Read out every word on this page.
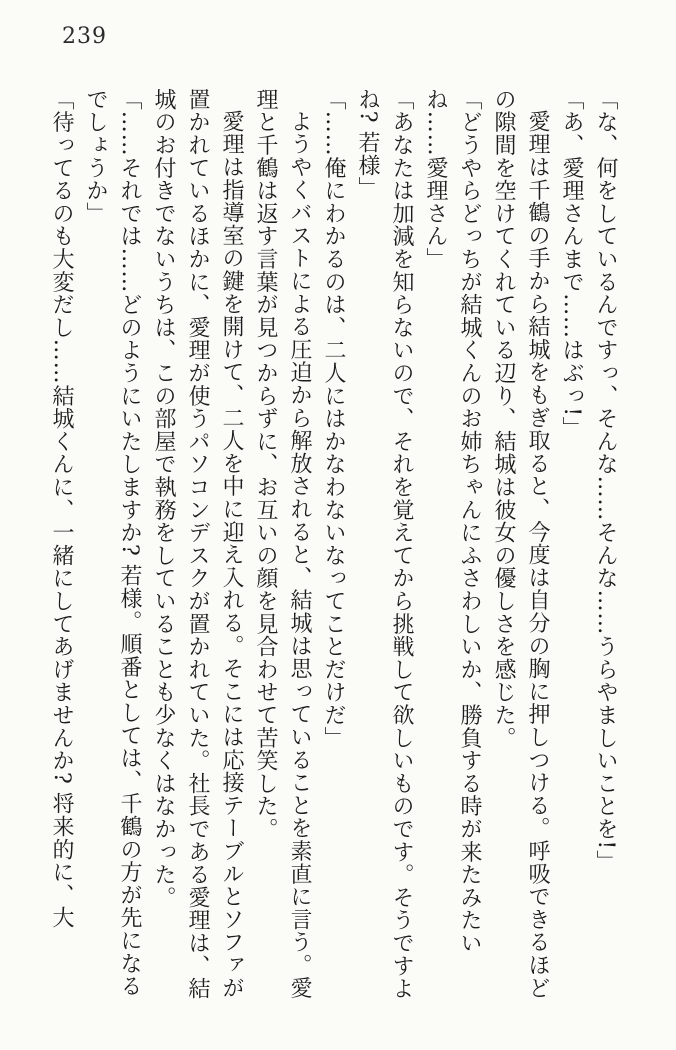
239

「な、何をしているんですっ、そんな……そんな……うらやましいことを!」

「あ、愛理さんまで……はぶっ!」

愛理は千鶴の手から結城をもぎ取ると、今度は自分の胸に押しつける。呼吸できるほどの隙間を空けてくれている辺り、結城は彼女の優しさを感じた。

「どうやらどっちが結城くんのお姉ちゃんにふさわしいか、勝負する時が来たみたいね……愛理さん」

「あなたは加減を知らないので、それを覚えてから挑戦して欲しいものです。そうですよね? 若様」

「……俺にわかるのは、二人にはかなわないなってことだけだ」

ようやくバストによる圧迫から解放されると、結城は思っていることを素直に言う。愛理と千鶴は返す言葉が見つからずに、お互いの顔を見合わせて苦笑した。

愛理は指導室の鍵を開けて、二人を中に迎え入れる。そこには応接テーブルとソファが置かれているほかに、愛理が使うパソコンデスクが置かれていた。社長である愛理は、結城のお付きでないうちは、この部屋で執務をしていることも少なくはなかった。

「……それでは……どのようにいたしますか? 若様。順番としては、千鶴の方が先になるでしょうか」

「待ってるのも大変だし……結城くんに、一緒にしてあげませんか? 将来的に、大
